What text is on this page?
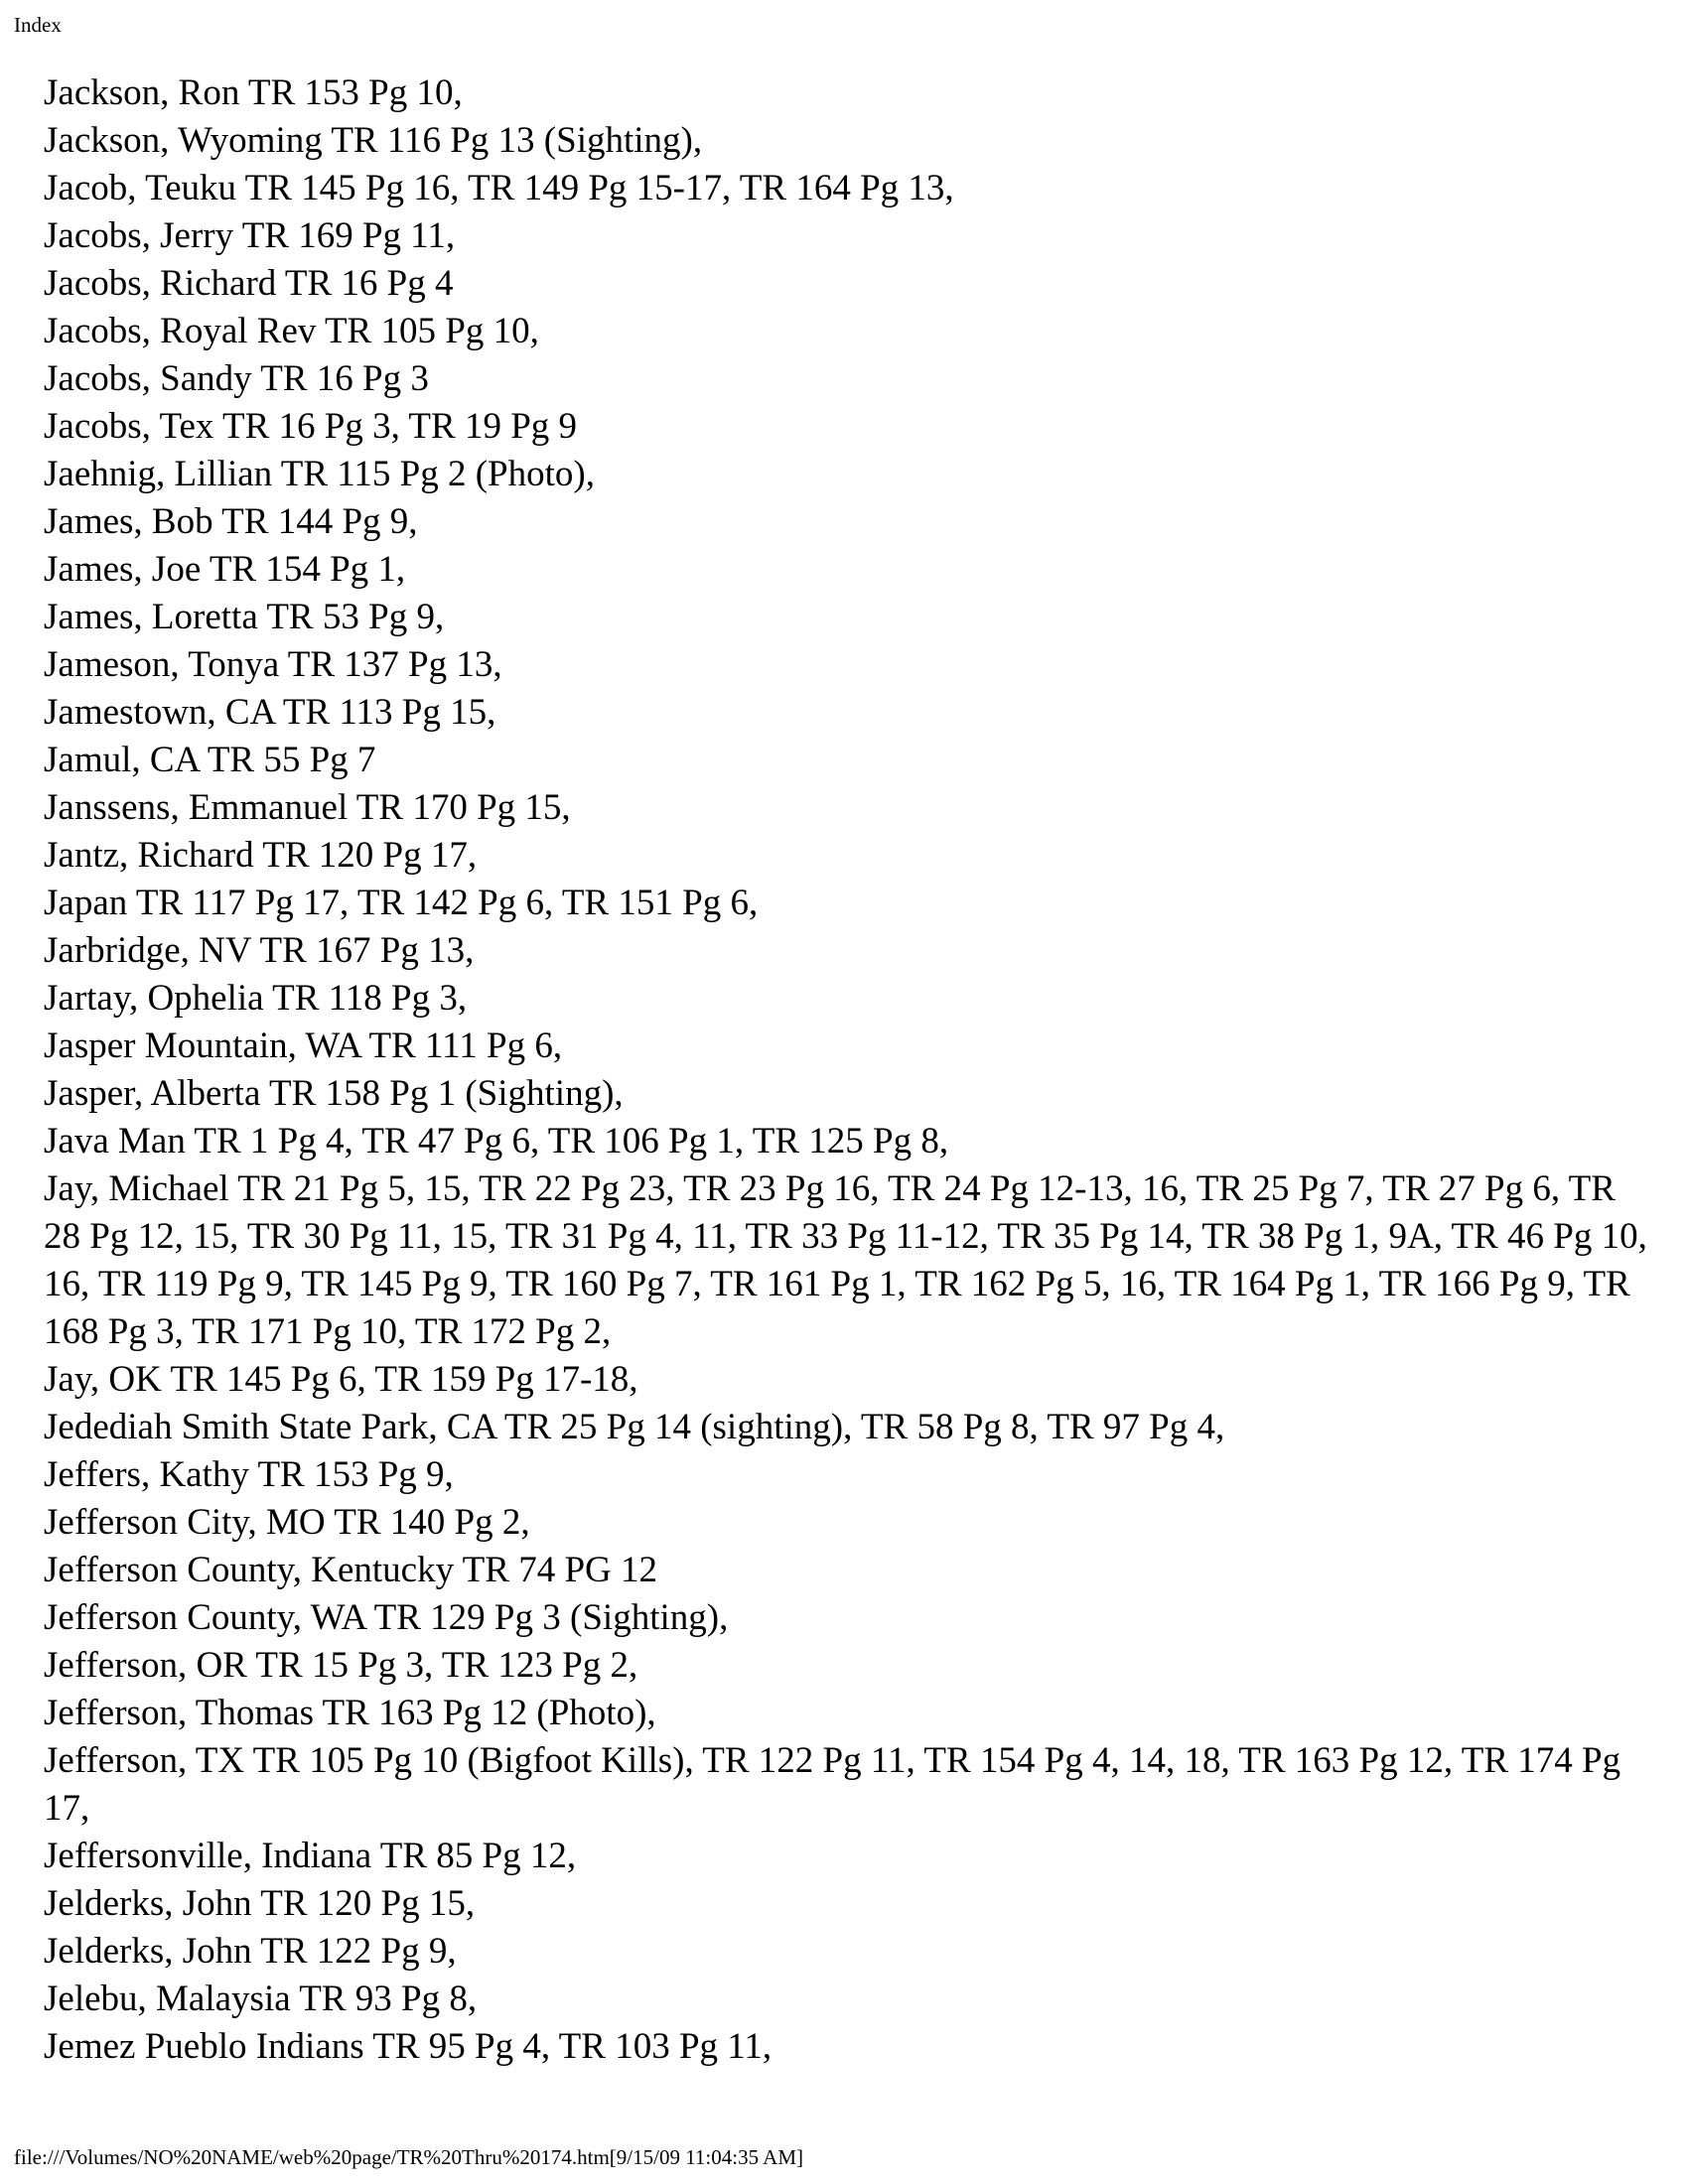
Index
Jackson, Ron TR 153 Pg 10,
Jackson, Wyoming TR 116 Pg 13 (Sighting),
Jacob, Teuku TR 145 Pg 16, TR 149 Pg 15-17, TR 164 Pg 13,
Jacobs, Jerry TR 169 Pg 11,
Jacobs, Richard TR 16 Pg 4
Jacobs, Royal Rev TR 105 Pg 10,
Jacobs, Sandy TR 16 Pg 3
Jacobs, Tex TR 16 Pg 3, TR 19 Pg 9
Jaehnig, Lillian TR 115 Pg 2 (Photo),
James, Bob TR 144 Pg 9,
James, Joe TR 154 Pg 1,
James, Loretta TR 53 Pg 9,
Jameson, Tonya TR 137 Pg 13,
Jamestown, CA TR 113 Pg 15,
Jamul, CA TR 55 Pg 7
Janssens, Emmanuel TR 170 Pg 15,
Jantz, Richard TR 120 Pg 17,
Japan TR 117 Pg 17, TR 142 Pg 6, TR 151 Pg 6,
Jarbridge, NV TR 167 Pg 13,
Jartay, Ophelia TR 118 Pg 3,
Jasper Mountain, WA TR 111 Pg 6,
Jasper, Alberta TR 158 Pg 1 (Sighting),
Java Man TR 1 Pg 4, TR 47 Pg 6, TR 106 Pg 1, TR 125 Pg 8,
Jay, Michael TR 21 Pg 5, 15, TR 22 Pg 23, TR 23 Pg 16, TR 24 Pg 12-13, 16, TR 25 Pg 7, TR 27 Pg 6, TR 28 Pg 12, 15, TR 30 Pg 11, 15, TR 31 Pg 4, 11, TR 33 Pg 11-12, TR 35 Pg 14, TR 38 Pg 1, 9A, TR 46 Pg 10, 16, TR 119 Pg 9, TR 145 Pg 9, TR 160 Pg 7, TR 161 Pg 1, TR 162 Pg 5, 16, TR 164 Pg 1, TR 166 Pg 9, TR 168 Pg 3, TR 171 Pg 10, TR 172 Pg 2,
Jay, OK TR 145 Pg 6, TR 159 Pg 17-18,
Jedediah Smith State Park, CA TR 25 Pg 14 (sighting), TR 58 Pg 8, TR 97 Pg 4,
Jeffers, Kathy TR 153 Pg 9,
Jefferson City, MO TR 140 Pg 2,
Jefferson County, Kentucky TR 74 PG 12
Jefferson County, WA TR 129 Pg 3 (Sighting),
Jefferson, OR TR 15 Pg 3, TR 123 Pg 2,
Jefferson, Thomas TR 163 Pg 12 (Photo),
Jefferson, TX TR 105 Pg 10 (Bigfoot Kills), TR 122 Pg 11, TR 154 Pg 4, 14, 18, TR 163 Pg 12, TR 174 Pg 17,
Jeffersonville, Indiana TR 85 Pg 12,
Jelderks, John TR 120 Pg 15,
Jelderks, John TR 122 Pg 9,
Jelebu, Malaysia TR 93 Pg 8,
Jemez Pueblo Indians TR 95 Pg 4, TR 103 Pg 11,
file:///Volumes/NO%20NAME/web%20page/TR%20Thru%20174.htm[9/15/09 11:04:35 AM]
